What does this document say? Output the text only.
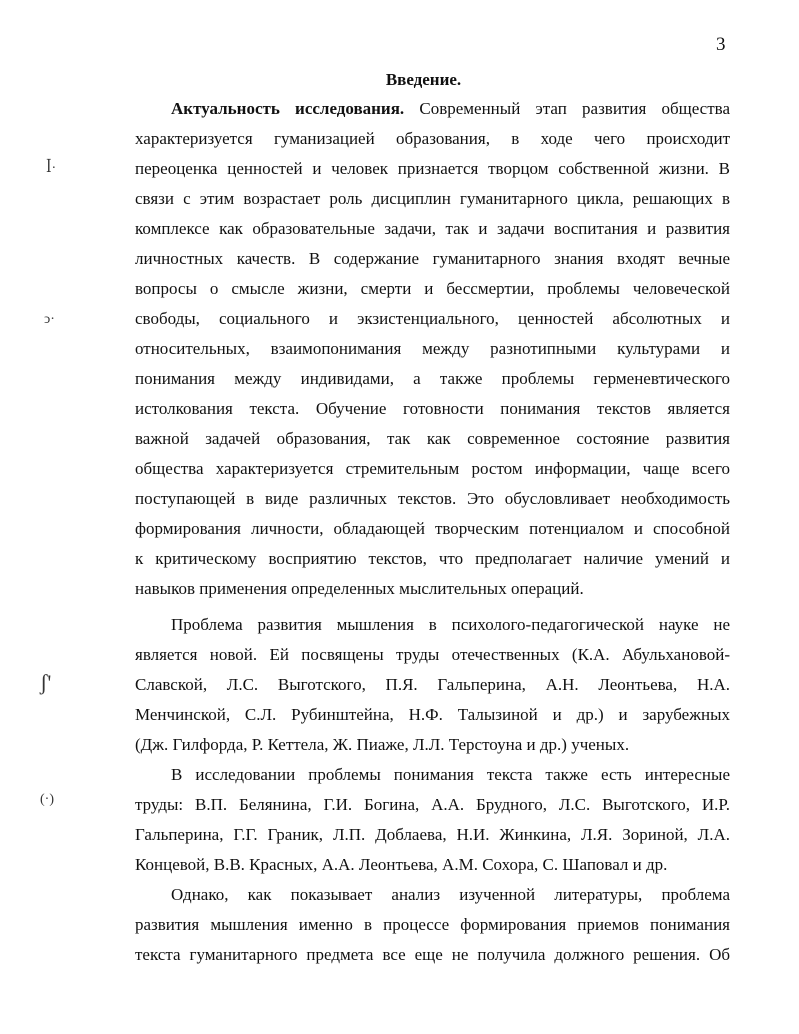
3
Введение.
ꟾ·
ↄ·
ʃ'
(·)
Актуальность исследования. Современный этап развития общества
характеризуется гуманизацией образования, в ходе чего происходит
переоценка ценностей и человек признается творцом собственной жизни. В
связи с этим возрастает роль дисциплин гуманитарного цикла, решающих в
комплексе как образовательные задачи, так и задачи воспитания и развития
личностных качеств. В содержание гуманитарного знания входят вечные
вопросы о смысле жизни, смерти и бессмертии, проблемы человеческой
свободы, социального и экзистенциального, ценностей абсолютных и
относительных, взаимопонимания между разнотипными культурами и
понимания между индивидами, а также проблемы герменевтического
истолкования текста. Обучение готовности понимания текстов является
важной задачей образования, так как современное состояние развития
общества характеризуется стремительным ростом информации, чаще всего
поступающей в виде различных текстов. Это обусловливает необходимость
формирования личности, обладающей творческим потенциалом и способной
к критическому восприятию текстов, что предполагает наличие умений и
навыков применения определенных мыслительных операций.
Проблема развития мышления в психолого-педагогической науке не
является новой. Ей посвящены труды отечественных (К.А. Абульхановой-
Славской, Л.С. Выготского, П.Я. Гальперина, А.Н. Леонтьева, Н.А.
Менчинской, С.Л. Рубинштейна, Н.Ф. Талызиной и др.) и зарубежных
(Дж. Гилфорда, Р. Кеттела, Ж. Пиаже, Л.Л. Терстоуна и др.) ученых.
В исследовании проблемы понимания текста также есть интересные
труды: В.П. Белянина, Г.И. Богина, А.А. Брудного, Л.С. Выготского, И.Р.
Гальперина, Г.Г. Граник, Л.П. Доблаева, Н.И. Жинкина, Л.Я. Зориной, Л.А.
Концевой, В.В. Красных, А.А. Леонтьева, А.М. Сохора, С. Шаповал и др.
Однако, как показывает анализ изученной литературы, проблема
развития мышления именно в процессе формирования приемов понимания
текста гуманитарного предмета все еще не получила должного решения. Об
